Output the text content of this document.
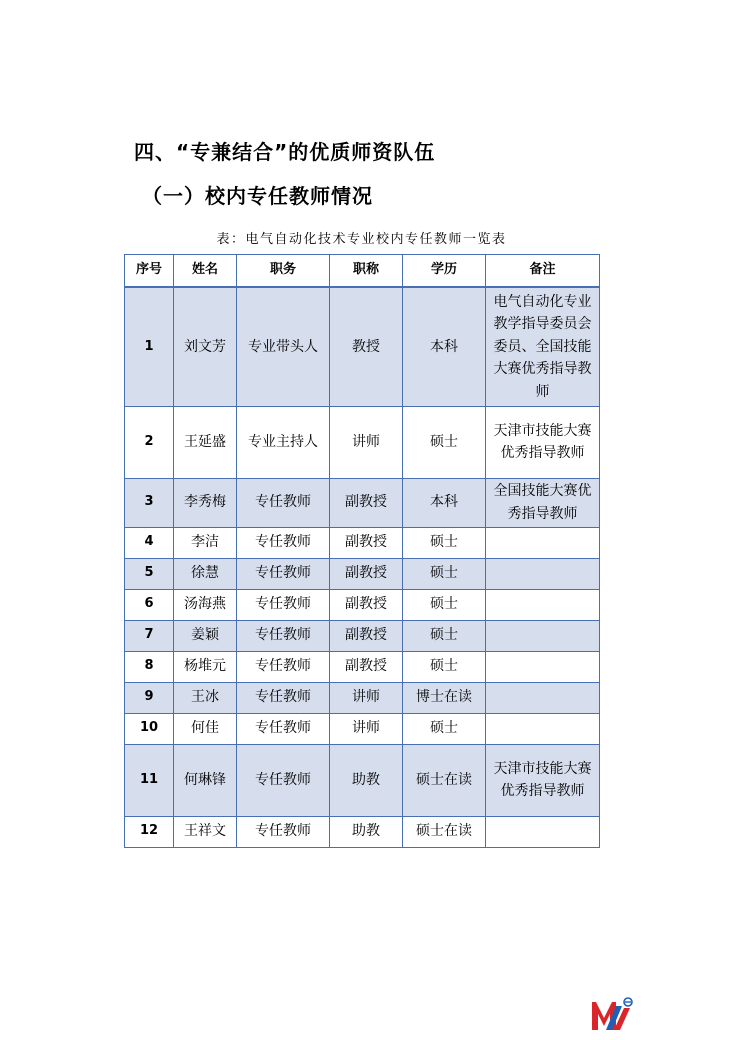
四、“专兼结合”的优质师资队伍
（一）校内专任教师情况
表：电气自动化技术专业校内专任教师一览表
序号	姓名	职务	职称	学历	备注
1	刘文芳	专业带头人	教授	本科	电气自动化专业教学指导委员会委员、全国技能大赛优秀指导教师
2	王延盛	专业主持人	讲师	硕士	天津市技能大赛优秀指导教师
3	李秀梅	专任教师	副教授	本科	全国技能大赛优秀指导教师
4	李洁	专任教师	副教授	硕士	
5	徐慧	专任教师	副教授	硕士	
6	汤海燕	专任教师	副教授	硕士	
7	姜颖	专任教师	副教授	硕士	
8	杨堆元	专任教师	副教授	硕士	
9	王冰	专任教师	讲师	博士在读	
10	何佳	专任教师	讲师	硕士	
11	何琳锋	专任教师	助教	硕士在读	天津市技能大赛优秀指导教师
12	王祥文	专任教师	助教	硕士在读	
